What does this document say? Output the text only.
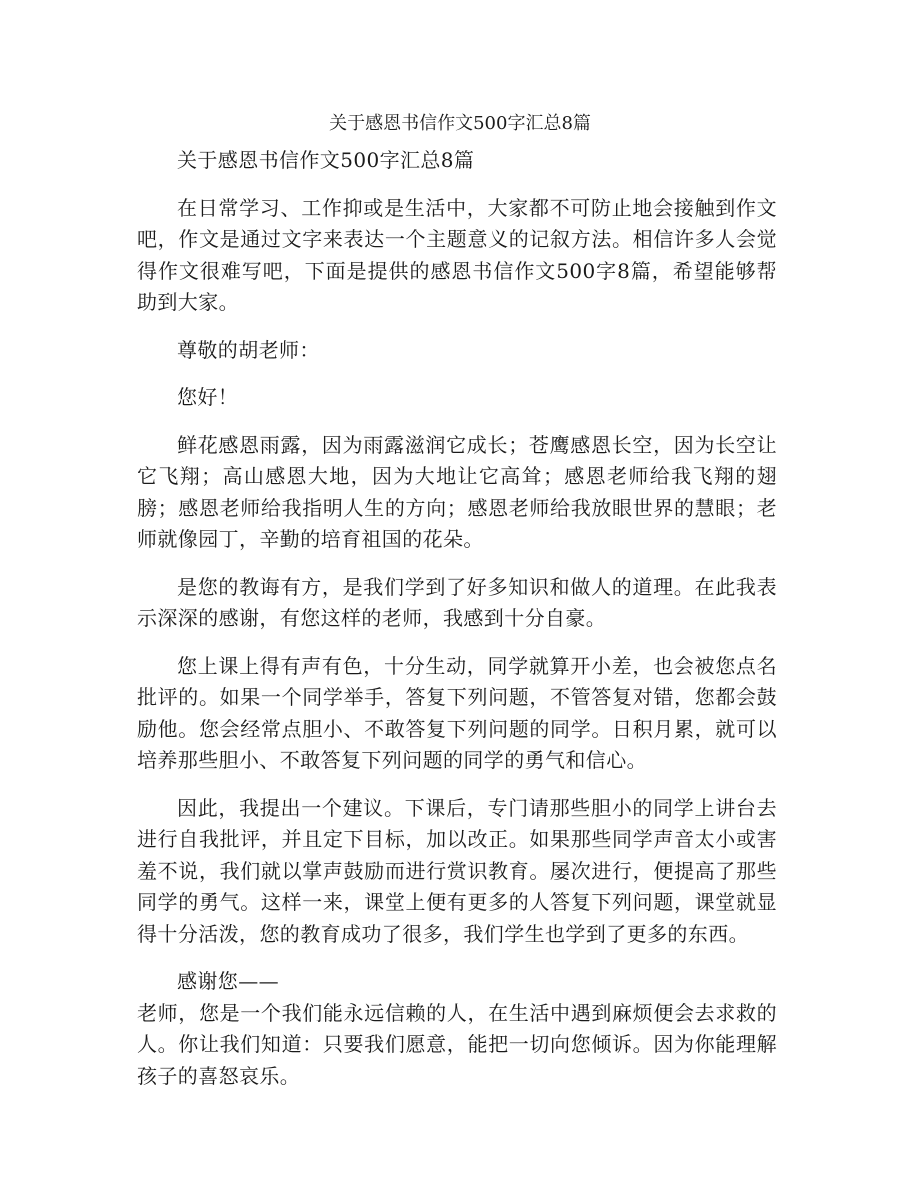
关于感恩书信作文500字汇总8篇

关于感恩书信作文500字汇总8篇

在日常学习、工作抑或是生活中，大家都不可防止地会接触到作文吧，作文是通过文字来表达一个主题意义的记叙方法。相信许多人会觉得作文很难写吧，下面是提供的感恩书信作文500字8篇，希望能够帮助到大家。

尊敬的胡老师：

您好！

鲜花感恩雨露，因为雨露滋润它成长；苍鹰感恩长空，因为长空让它飞翔；高山感恩大地，因为大地让它高耸；感恩老师给我飞翔的翅膀；感恩老师给我指明人生的方向；感恩老师给我放眼世界的慧眼；老师就像园丁，辛勤的培育祖国的花朵。

是您的教诲有方，是我们学到了好多知识和做人的道理。在此我表示深深的感谢，有您这样的老师，我感到十分自豪。

您上课上得有声有色，十分生动，同学就算开小差，也会被您点名批评的。如果一个同学举手，答复下列问题，不管答复对错，您都会鼓励他。您会经常点胆小、不敢答复下列问题的同学。日积月累，就可以培养那些胆小、不敢答复下列问题的同学的勇气和信心。

因此，我提出一个建议。下课后，专门请那些胆小的同学上讲台去进行自我批评，并且定下目标，加以改正。如果那些同学声音太小或害羞不说，我们就以掌声鼓励而进行赏识教育。屡次进行，便提高了那些同学的勇气。这样一来，课堂上便有更多的人答复下列问题，课堂就显得十分活泼，您的教育成功了很多，我们学生也学到了更多的东西。

感谢您——

老师，您是一个我们能永远信赖的人，在生活中遇到麻烦便会去求救的人。你让我们知道：只要我们愿意，能把一切向您倾诉。因为你能理解孩子的喜怒哀乐。
